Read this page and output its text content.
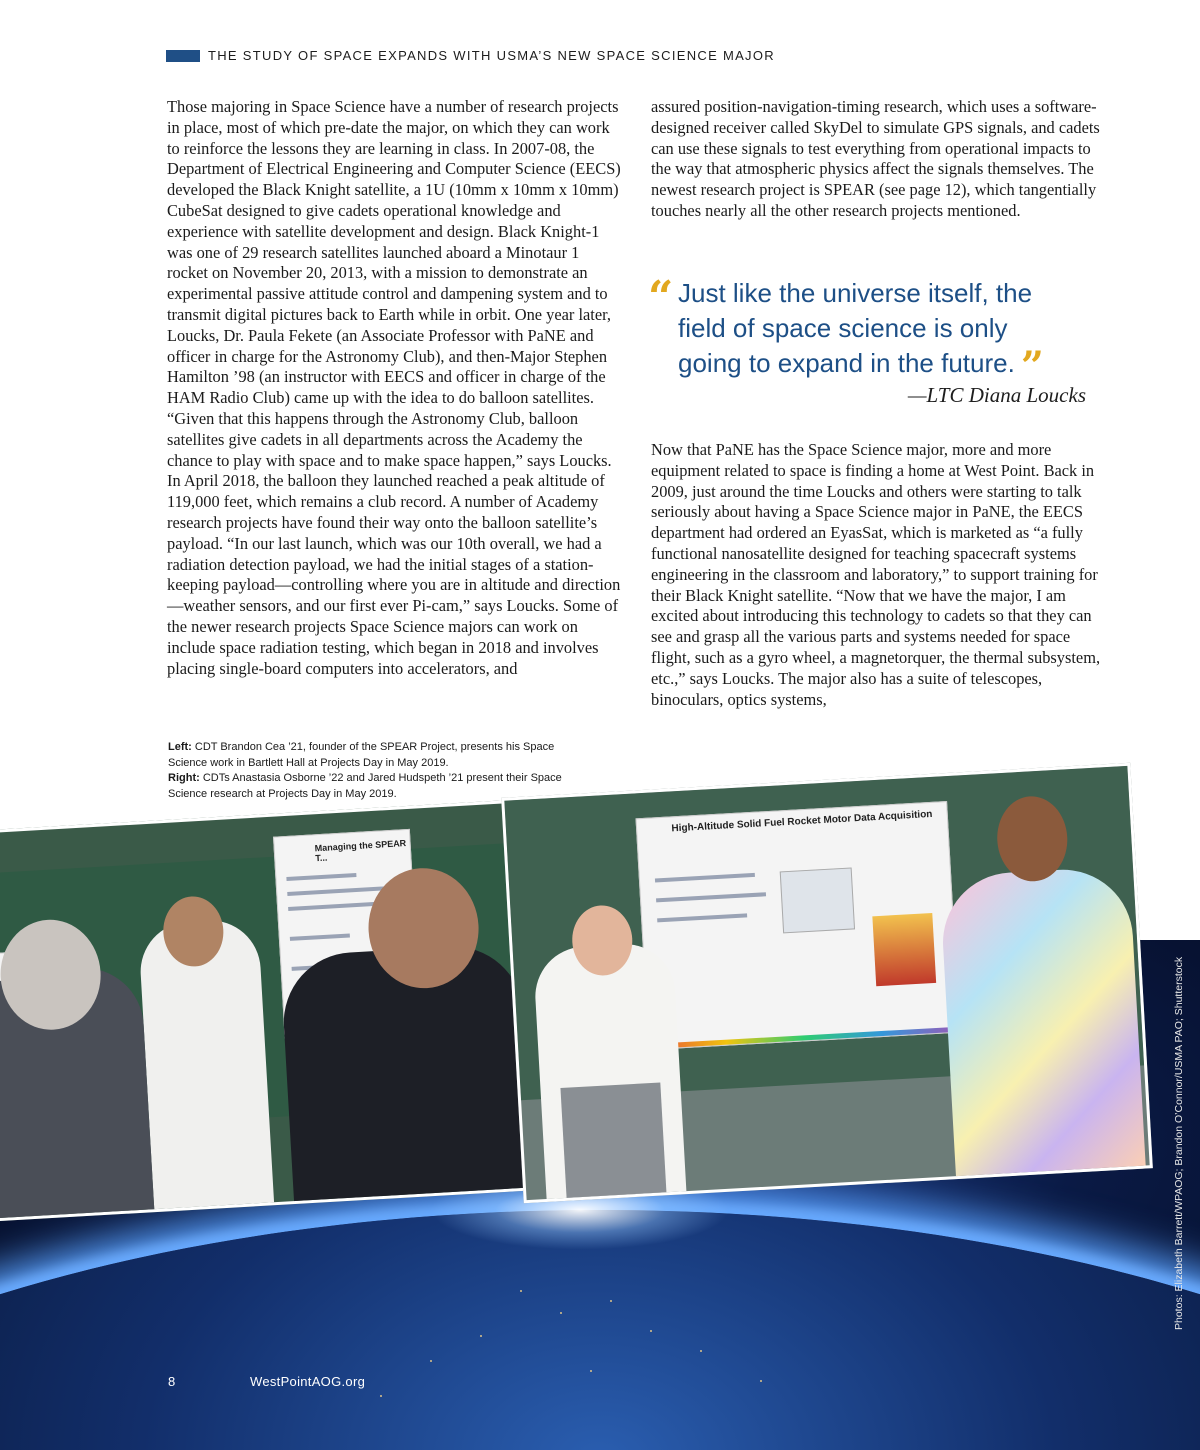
THE STUDY OF SPACE EXPANDS WITH USMA’S NEW SPACE SCIENCE MAJOR

Those majoring in Space Science have a number of research projects in place, most of which pre-date the major, on which they can work to reinforce the lessons they are learning in class. In 2007-08, the Department of Electrical Engineering and Computer Science (EECS) developed the Black Knight satellite, a 1U (10mm x 10mm x 10mm) CubeSat designed to give cadets operational knowledge and experience with satellite development and design. Black Knight-1 was one of 29 research satellites launched aboard a Minotaur 1 rocket on November 20, 2013, with a mission to demonstrate an experimental passive attitude control and dampening system and to transmit digital pictures back to Earth while in orbit. One year later, Loucks, Dr. Paula Fekete (an Associate Professor with PaNE and officer in charge for the Astronomy Club), and then-Major Stephen Hamilton ’98 (an instructor with EECS and officer in charge of the HAM Radio Club) came up with the idea to do balloon satellites. “Given that this happens through the Astronomy Club, balloon satellites give cadets in all departments across the Academy the chance to play with space and to make space happen,” says Loucks. In April 2018, the balloon they launched reached a peak altitude of 119,000 feet, which remains a club record. A number of Academy research projects have found their way onto the balloon satellite’s payload. “In our last launch, which was our 10th overall, we had a radiation detection payload, we had the initial stages of a station-keeping payload—controlling where you are in altitude and direction—weather sensors, and our first ever Pi-cam,” says Loucks. Some of the newer research projects Space Science majors can work on include space radiation testing, which began in 2018 and involves placing single-board computers into accelerators, and

assured position-navigation-timing research, which uses a software-designed receiver called SkyDel to simulate GPS signals, and cadets can use these signals to test everything from operational impacts to the way that atmospheric physics affect the signals themselves. The newest research project is SPEAR (see page 12), which tangentially touches nearly all the other research projects mentioned.

“ Just like the universe itself, the field of space science is only going to expand in the future. ”
—LTC Diana Loucks

Now that PaNE has the Space Science major, more and more equipment related to space is finding a home at West Point. Back in 2009, just around the time Loucks and others were starting to talk seriously about having a Space Science major in PaNE, the EECS department had ordered an EyasSat, which is marketed as “a fully functional nanosatellite designed for teaching spacecraft systems engineering in the classroom and laboratory,” to support training for their Black Knight satellite. “Now that we have the major, I am excited about introducing this technology to cadets so that they can see and grasp all the various parts and systems needed for space flight, such as a gyro wheel, a magnetorquer, the thermal subsystem, etc.,” says Loucks. The major also has a suite of telescopes, binoculars, optics systems,

Left: CDT Brandon Cea ’21, founder of the SPEAR Project, presents his Space Science work in Bartlett Hall at Projects Day in May 2019.
Right: CDTs Anastasia Osborne ’22 and Jared Hudspeth ’21 present their Space Science research at Projects Day in May 2019.
Managing the SPEAR T...
High-Altitude Solid Fuel Rocket Motor Data Acquisition
Photos: Elizabeth Barrett/WPAOG; Brandon O’Connor/USMA PAO; Shutterstock
8	WestPointAOG.org
